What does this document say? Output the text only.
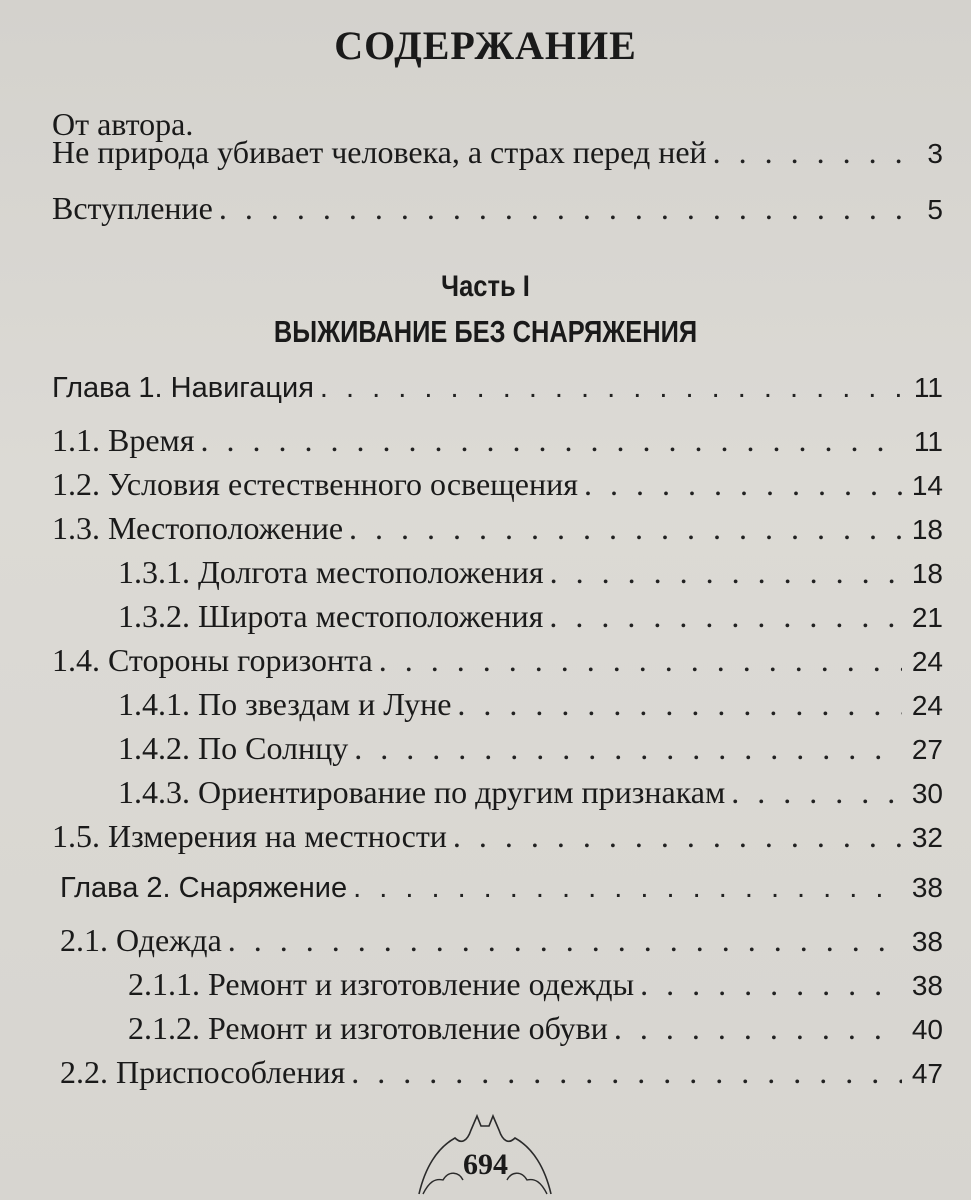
СОДЕРЖАНИЕ
От автора.
Не природа убивает человека, а страх перед ней . . .	3
Вступление . . .	5
Часть I
ВЫЖИВАНИЕ БЕЗ СНАРЯЖЕНИЯ
Глава 1. Навигация . . .	11
1.1. Время . . .	11
1.2. Условия естественного освещения . . .	14
1.3. Местоположение . . .	18
1.3.1. Долгота местоположения . . .	18
1.3.2. Широта местоположения . . .	21
1.4. Стороны горизонта . . .	24
1.4.1. По звездам и Луне . . .	24
1.4.2. По Солнцу . . .	27
1.4.3. Ориентирование по другим признакам . . .	30
1.5. Измерения на местности . . .	32
Глава 2. Снаряжение . . .	38
2.1. Одежда . . .	38
2.1.1. Ремонт и изготовление одежды . . .	38
2.1.2. Ремонт и изготовление обуви . . .	40
2.2. Приспособления . . .	47
694
